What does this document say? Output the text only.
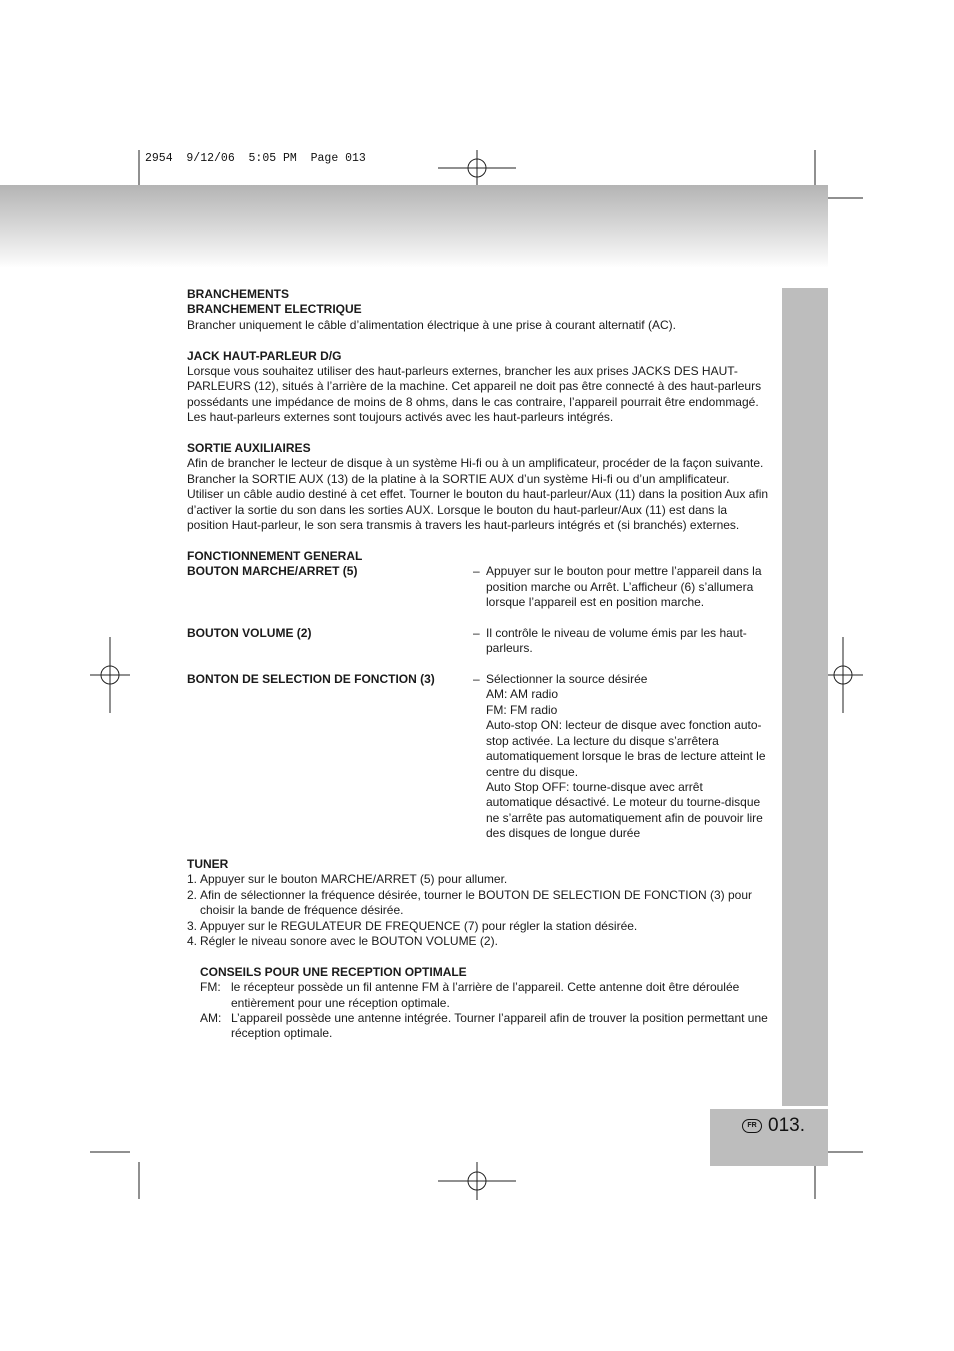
2954  9/12/06  5:05 PM  Page 013
FR 013.
BRANCHEMENTS
BRANCHEMENT ELECTRIQUE

Brancher uniquement le câble d’alimentation électrique à une prise à courant alternatif (AC).

JACK HAUT-PARLEUR D/G

Lorsque vous souhaitez utiliser des haut-parleurs externes, brancher les aux prises JACKS DES HAUT-PARLEURS (12), situés à l’arrière de la machine. Cet appareil ne doit pas être connecté à des haut-parleurs possédants une impédance de moins de 8 ohms, dans le cas contraire, l’appareil pourrait être endommagé. Les haut-parleurs externes sont toujours activés avec les haut-parleurs intégrés.

SORTIE AUXILIAIRES

Afin de brancher le lecteur de disque à un système Hi-fi ou à un amplificateur, procéder de la façon suivante. Brancher la SORTIE AUX (13) de la platine à la SORTIE AUX d’un système Hi-fi ou d’un amplificateur. Utiliser un câble audio destiné à cet effet. Tourner le bouton du haut-parleur/Aux (11) dans la position Aux afin d’activer la sortie du son dans les sorties AUX. Lorsque le bouton du haut-parleur/Aux (11) est dans la position Haut-parleur, le son sera transmis à travers les haut-parleurs intégrés et (si branchés) externes.

FONCTIONNEMENT GENERAL
BOUTON MARCHE/ARRET (5)	– Appuyer sur le bouton pour mettre l’appareil dans la position marche ou Arrêt. L’afficheur (6) s’allumera lorsque l’appareil est en position marche.
BOUTON VOLUME (2)	– Il contrôle le niveau de volume émis par les haut-parleurs.
BONTON DE SELECTION DE FONCTION (3)	– Sélectionner la source désirée
AM: AM radio
FM: FM radio
Auto-stop ON: lecteur de disque avec fonction auto-stop activée. La lecture du disque s’arrêtera automatiquement lorsque le bras de lecture atteint le centre du disque.
Auto Stop OFF: tourne-disque avec arrêt automatique désactivé. Le moteur du tourne-disque ne s’arrête pas automatiquement afin de pouvoir lire des disques de longue durée
TUNER
1. Appuyer sur le bouton MARCHE/ARRET (5) pour allumer.
2. Afin de sélectionner la fréquence désirée, tourner le BOUTON DE SELECTION DE FONCTION (3) pour choisir la bande de fréquence désirée.
3. Appuyer sur le REGULATEUR DE FREQUENCE (7) pour régler la station désirée.
4. Régler le niveau sonore avec le BOUTON VOLUME (2).
CONSEILS POUR UNE RECEPTION OPTIMALE
FM: le récepteur possède un fil antenne FM à l’arrière de l’appareil. Cette antenne doit être déroulée entièrement pour une réception optimale.
AM: L’appareil possède une antenne intégrée. Tourner l’appareil afin de trouver la position permettant une réception optimale.
